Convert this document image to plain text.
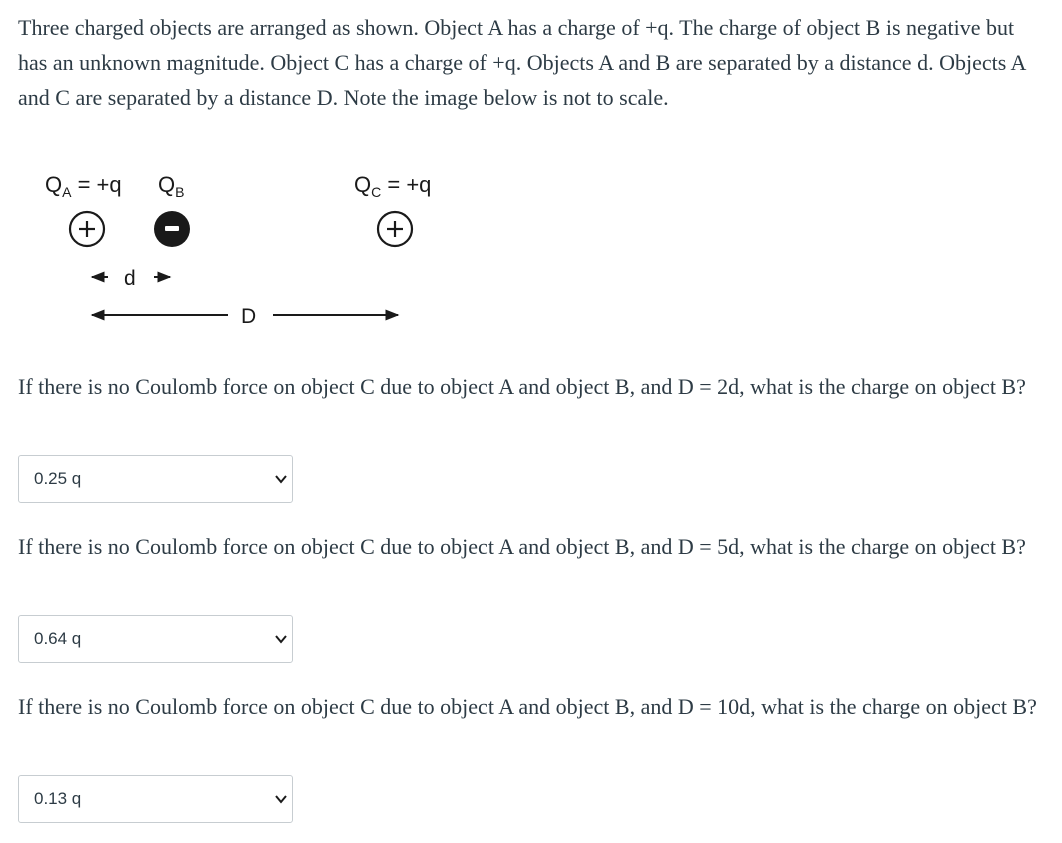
Three charged objects are arranged as shown. Object A has a charge of +q. The charge of object B is negative but has an unknown magnitude. Object C has a charge of +q. Objects A and B are separated by a distance d. Objects A and C are separated by a distance D. Note the image below is not to scale.

$Q_A = +q$ $Q_B$	$Q_C = +q$
d
D

If there is no Coulomb force on object C due to object A and object B, and D = 2d, what is the charge on object B?

0.25 q

If there is no Coulomb force on object C due to object A and object B, and D = 5d, what is the charge on object B?

0.64 q

If there is no Coulomb force on object C due to object A and object B, and D = 10d, what is the charge on object B?

0.13 q
